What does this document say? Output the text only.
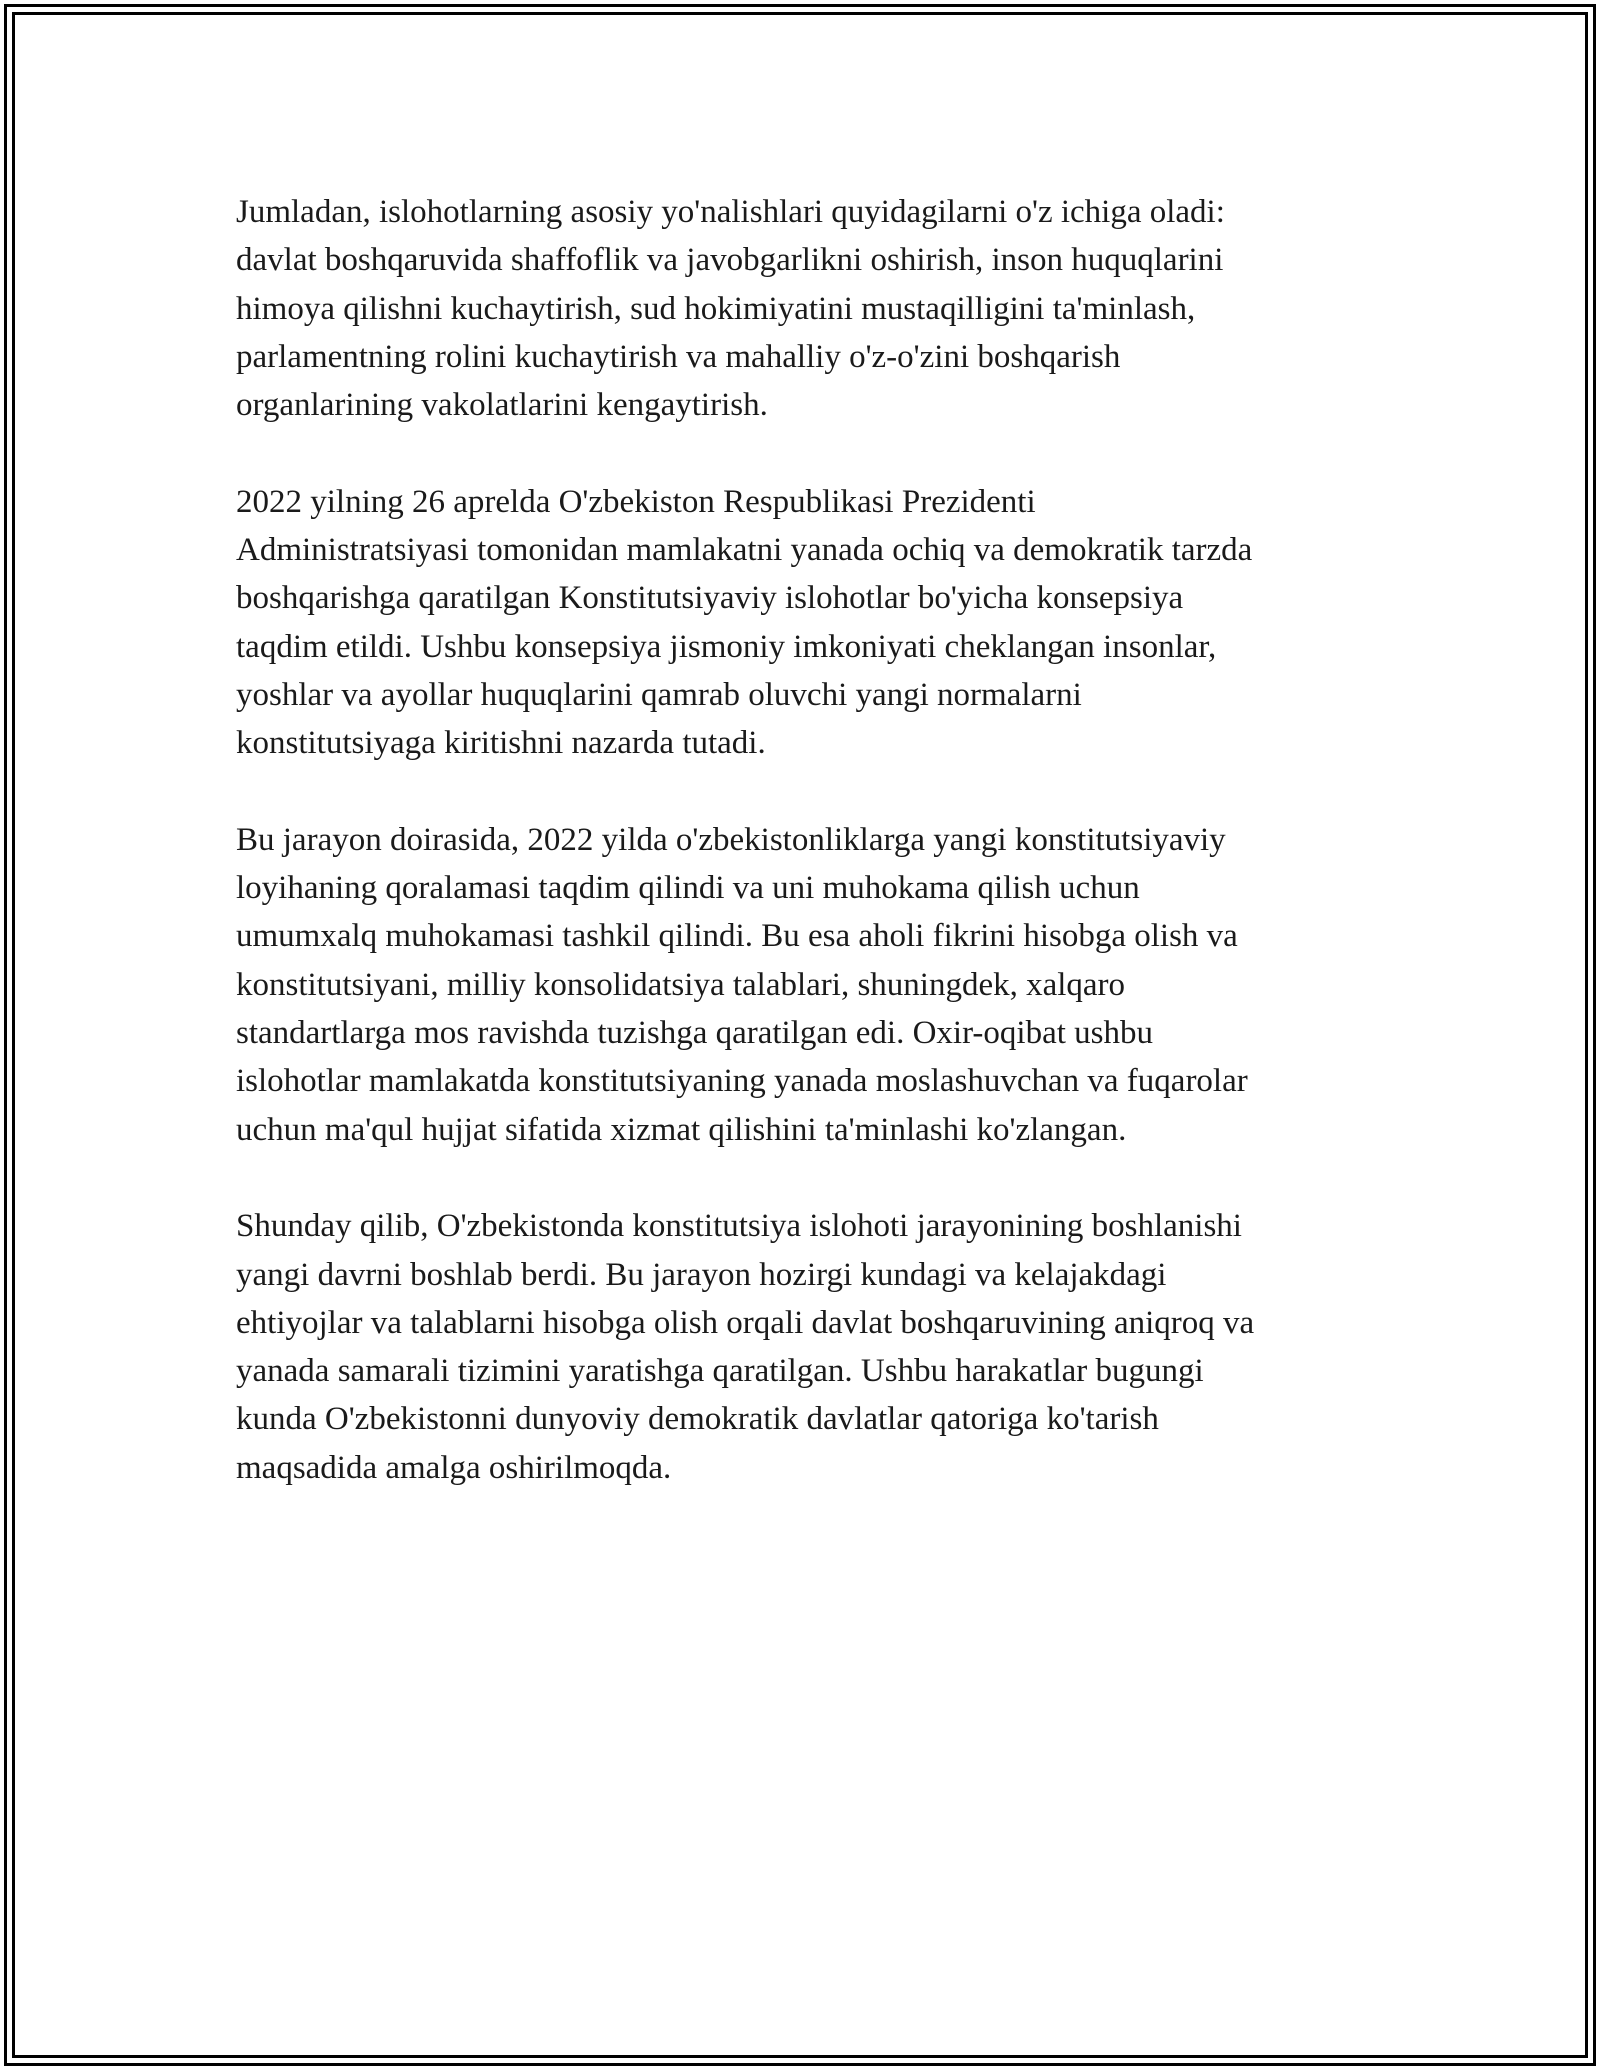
Jumladan, islohotlarning asosiy yo'nalishlari quyidagilarni o'z ichiga oladi:
davlat boshqaruvida shaffoflik va javobgarlikni oshirish, inson huquqlarini
himoya qilishni kuchaytirish, sud hokimiyatini mustaqilligini ta'minlash,
parlamentning rolini kuchaytirish va mahalliy o'z-o'zini boshqarish
organlarining vakolatlarini kengaytirish.

2022 yilning 26 aprelda O'zbekiston Respublikasi Prezidenti
Administratsiyasi tomonidan mamlakatni yanada ochiq va demokratik tarzda
boshqarishga qaratilgan Konstitutsiyaviy islohotlar bo'yicha konsepsiya
taqdim etildi. Ushbu konsepsiya jismoniy imkoniyati cheklangan insonlar,
yoshlar va ayollar huquqlarini qamrab oluvchi yangi normalarni
konstitutsiyaga kiritishni nazarda tutadi.

Bu jarayon doirasida, 2022 yilda o'zbekistonliklarga yangi konstitutsiyaviy
loyihaning qoralamasi taqdim qilindi va uni muhokama qilish uchun
umumxalq muhokamasi tashkil qilindi. Bu esa aholi fikrini hisobga olish va
konstitutsiyani, milliy konsolidatsiya talablari, shuningdek, xalqaro
standartlarga mos ravishda tuzishga qaratilgan edi. Oxir-oqibat ushbu
islohotlar mamlakatda konstitutsiyaning yanada moslashuvchan va fuqarolar
uchun ma'qul hujjat sifatida xizmat qilishini ta'minlashi ko'zlangan.

Shunday qilib, O'zbekistonda konstitutsiya islohoti jarayonining boshlanishi
yangi davrni boshlab berdi. Bu jarayon hozirgi kundagi va kelajakdagi
ehtiyojlar va talablarni hisobga olish orqali davlat boshqaruvining aniqroq va
yanada samarali tizimini yaratishga qaratilgan. Ushbu harakatlar bugungi
kunda O'zbekistonni dunyoviy demokratik davlatlar qatoriga ko'tarish
maqsadida amalga oshirilmoqda.
